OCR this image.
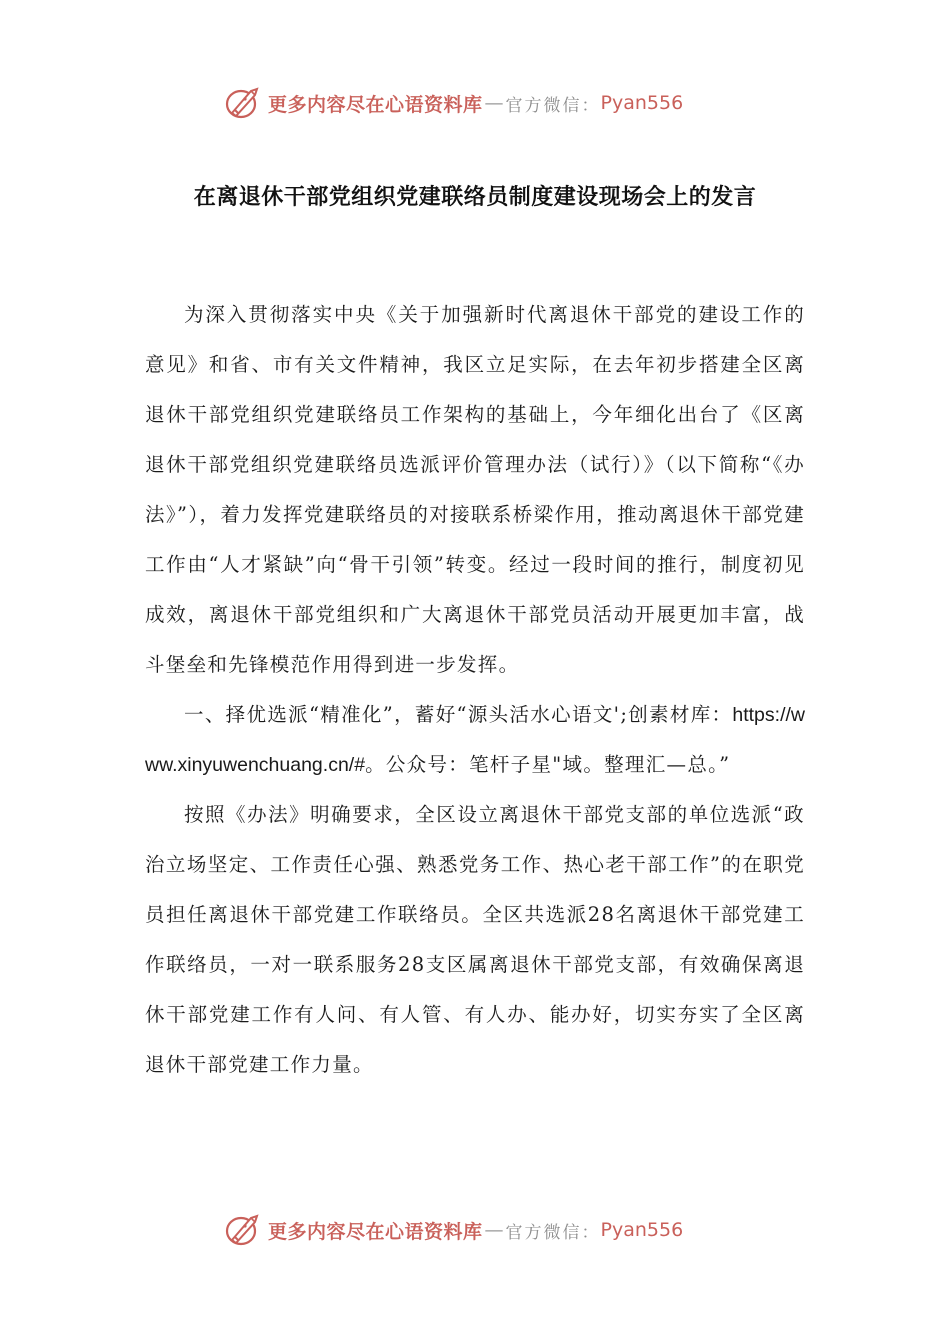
更多内容尽在心语资料库 — 官方微信： Pyan556
在离退休干部党组织党建联络员制度建设现场会上的发言

为深入贯彻落实中央《关于加强新时代离退休干部党的建设工作的意见》和省、市有关文件精神，我区立足实际，在去年初步搭建全区离退休干部党组织党建联络员工作架构的基础上，今年细化出台了《区离退休干部党组织党建联络员选派评价管理办法（试行）》（以下简称“《办法》”），着力发挥党建联络员的对接联系桥梁作用，推动离退休干部党建工作由“人才紧缺”向“骨干引领”转变。经过一段时间的推行，制度初见成效，离退休干部党组织和广大离退休干部党员活动开展更加丰富，战斗堡垒和先锋模范作用得到进一步发挥。

一、择优选派“精准化”，蓄好“源头活水心语文';创素材库：https://www.xinyuwenchuang.cn/#。公众号：笔杆子星"域。整理汇—总。”

按照《办法》明确要求，全区设立离退休干部党支部的单位选派“政治立场坚定、工作责任心强、熟悉党务工作、热心老干部工作”的在职党员担任离退休干部党建工作联络员。全区共选派28名离退休干部党建工作联络员，一对一联系服务28支区属离退休干部党支部，有效确保离退休干部党建工作有人问、有人管、有人办、能办好，切实夯实了全区离退休干部党建工作力量。

更多内容尽在心语资料库 — 官方微信： Pyan556
